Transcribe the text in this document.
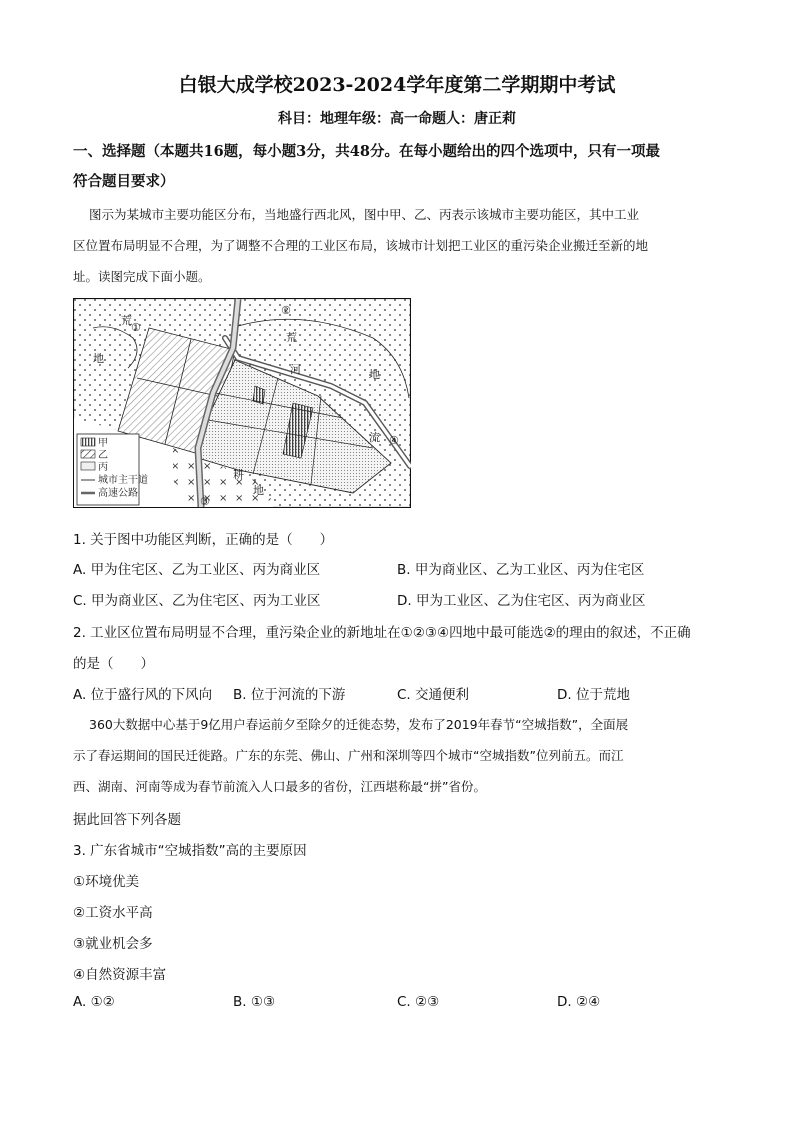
白银大成学校2023-2024学年度第二学期期中考试
科目：地理年级：高一命题人：唐正莉
一、选择题（本题共16题，每小题3分，共48分。在每小题给出的四个选项中，只有一项最
符合题目要求）
图示为某城市主要功能区分布，当地盛行西北风，图中甲、乙、丙表示该城市主要功能区，其中工业
区位置布局明显不合理，为了调整不合理的工业区布局，该城市计划把工业区的重污染企业搬迁至新的地
址。读图完成下面小题。
荒
①
地
②
荒
河	地
流 ④
耕
地
③
甲
乙
丙
城市主干道
高速公路
1. 关于图中功能区判断，正确的是（　　）
A. 甲为住宅区、乙为工业区、丙为商业区	B. 甲为商业区、乙为工业区、丙为住宅区
C. 甲为商业区、乙为住宅区、丙为工业区	D. 甲为工业区、乙为住宅区、丙为商业区
2. 工业区位置布局明显不合理，重污染企业的新地址在①②③④四地中最可能选②的理由的叙述，不正确
的是（　　）
A. 位于盛行风的下风向 B. 位于河流的下游	C. 交通便利	D. 位于荒地
360大数据中心基于9亿用户春运前夕至除夕的迁徙态势，发布了2019年春节“空城指数”，全面展
示了春运期间的国民迁徙路。广东的东莞、佛山、广州和深圳等四个城市“空城指数”位列前五。而江
西、湖南、河南等成为春节前流入人口最多的省份，江西堪称最“拼”省份。
据此回答下列各题
3. 广东省城市“空城指数”高的主要原因
①环境优美
②工资水平高
③就业机会多
④自然资源丰富
A. ①②	B. ①③	C. ②③	D. ②④
